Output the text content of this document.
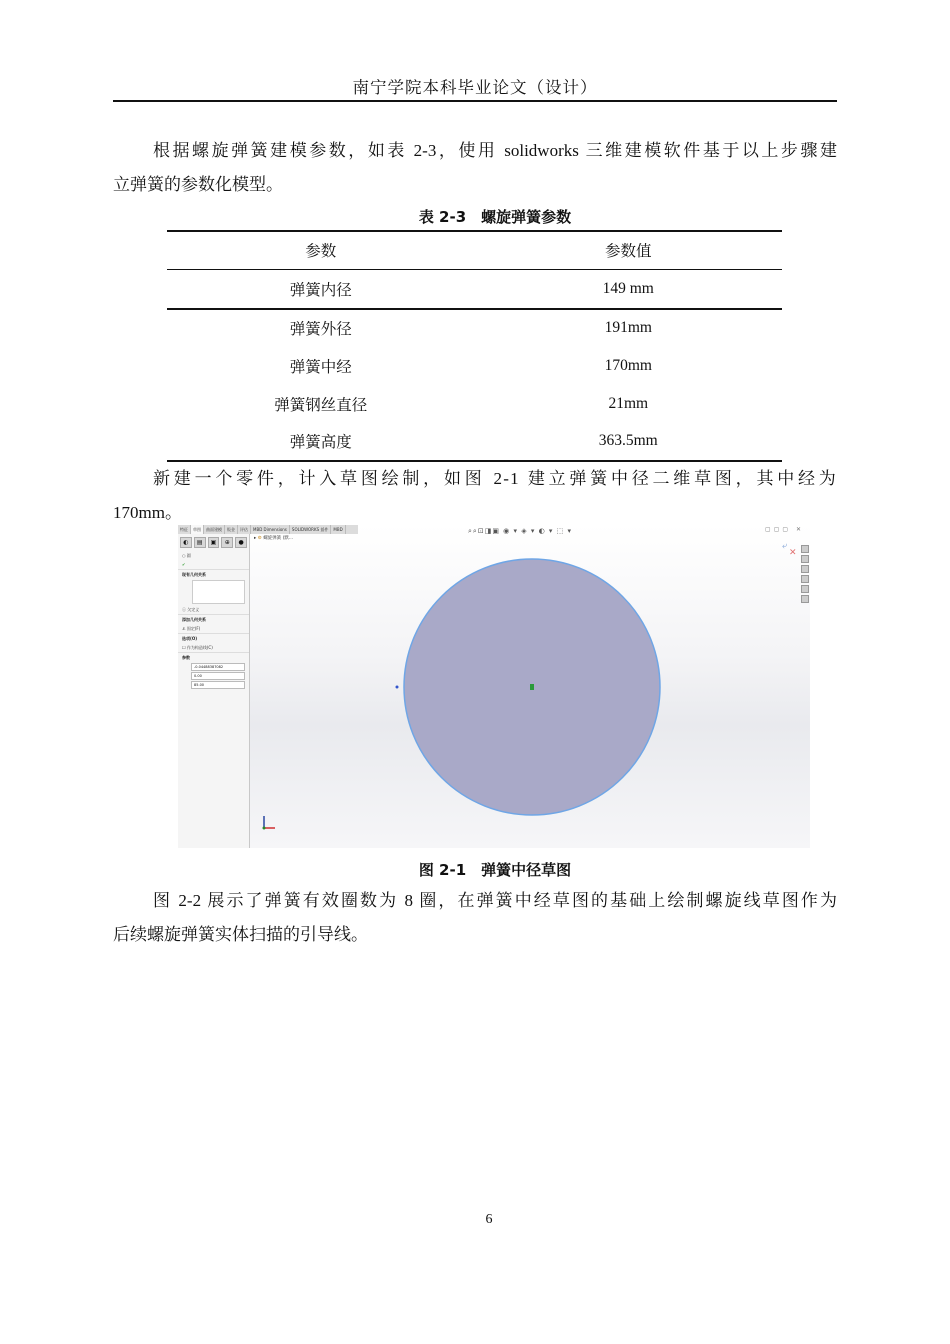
南宁学院本科毕业论文（设计）
根据螺旋弹簧建模参数，如表 2-3，使用 solidworks 三维建模软件基于以上步骤建
立弹簧的参数化模型。
表 2-3　螺旋弹簧参数
参数	参数值
弹簧内径	149 mm
弹簧外径	191mm
弹簧中经	170mm
弹簧钢丝直径	21mm
弹簧高度	363.5mm
新建一个零件，计入草图绘制，如图 2-1 建立弹簧中径二维草图，其中经为
170mm。
特征	草图	曲面建模	钣金	评估	MBD Dimensions	SOLIDWORKS 插件	MBD
◐	▤	▣	⊕	●
○ 圆
✔
现有几何关系
ⓘ 欠定义
添加几何关系
⚓ 固定(F)
选项(O)
☐ 作为构造线(C)
参数
-0.04488387082
0.00
85.00
▸ ⚙ 螺旋弹簧 (默...
⌕⌕⊡◨▣ ◉ ▾ ◈ ▾ ◐ ▾ ⬚ ▾	▢▢▢ ✕
⤶
✕
图 2-1　弹簧中径草图
图 2-2 展示了弹簧有效圈数为 8 圈，在弹簧中经草图的基础上绘制螺旋线草图作为
后续螺旋弹簧实体扫描的引导线。
6
